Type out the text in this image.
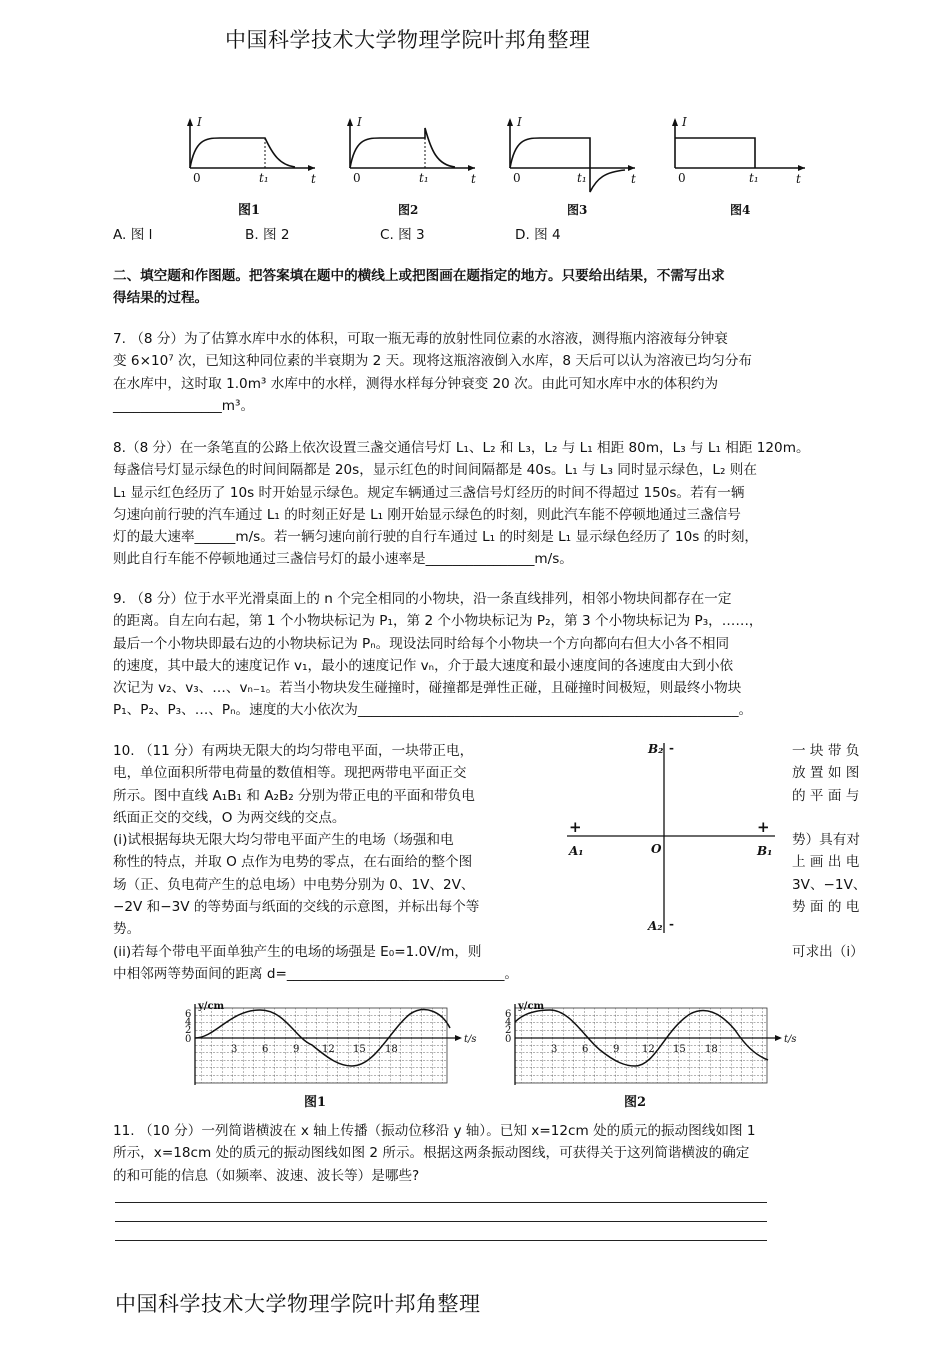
中国科学技术大学物理学院叶邦角整理
I
t
0	t₁
图1
I
t
0	t₁
图2
I
t
0	t₁
图3
I
t
0	t₁
图4
A. 图 l	B. 图 2	C. 图 3	D. 图 4
二、填空题和作图题。把答案填在题中的横线上或把图画在题指定的地方。只要给出结果，不需写出求
得结果的过程。
7. （8 分）为了估算水库中水的体积，可取一瓶无毒的放射性同位素的水溶液，测得瓶内溶液每分钟衰
变 6×10⁷ 次，已知这种同位素的半衰期为 2 天。现将这瓶溶液倒入水库，8 天后可以认为溶液已均匀分布
在水库中，这时取 1.0m³ 水库中的水样，测得水样每分钟衰变 20 次。由此可知水库中水的体积约为
________________m³。
8.（8 分）在一条笔直的公路上依次设置三盏交通信号灯 L₁、L₂ 和 L₃，L₂ 与 L₁ 相距 80m，L₃ 与 L₁ 相距 120m。
每盏信号灯显示绿色的时间间隔都是 20s，显示红色的时间间隔都是 40s。L₁ 与 L₃ 同时显示绿色，L₂ 则在
L₁ 显示红色经历了 10s 时开始显示绿色。规定车辆通过三盏信号灯经历的时间不得超过 150s。若有一辆
匀速向前行驶的汽车通过 L₁ 的时刻正好是 L₁ 刚开始显示绿色的时刻，则此汽车能不停顿地通过三盏信号
灯的最大速率______m/s。若一辆匀速向前行驶的自行车通过 L₁ 的时刻是 L₁ 显示绿色经历了 10s 的时刻，
则此自行车能不停顿地通过三盏信号灯的最小速率是________________m/s。
9. （8 分）位于水平光滑桌面上的 n 个完全相同的小物块，沿一条直线排列，相邻小物块间都存在一定
的距离。自左向右起，第 1 个小物块标记为 P₁，第 2 个小物块标记为 P₂，第 3 个小物块标记为 P₃，……，
最后一个小物块即最右边的小物块标记为 Pₙ。现设法同时给每个小物块一个方向都向右但大小各不相同
的速度，其中最大的速度记作 v₁，最小的速度记作 vₙ，介于最大速度和最小速度间的各速度由大到小依
次记为 v₂、v₃、…、vₙ₋₁。若当小物块发生碰撞时，碰撞都是弹性正碰，且碰撞时间极短，则最终小物块
P₁、P₂、P₃、…、Pₙ。速度的大小依次为________________________________________________________。
10. （11 分）有两块无限大的均匀带电平面，一块带正电，
电，单位面积所带电荷量的数值相等。现把两带电平面正交
所示。图中直线 A₁B₁ 和 A₂B₂ 分别为带正电的平面和带负电
纸面正交的交线，O 为两交线的交点。
(i)试根据每块无限大均匀带电平面产生的电场（场强和电
称性的特点，并取 O 点作为电势的零点，在右面给的整个图
场（正、负电荷产生的总电场）中电势分别为 0、1V、2V、
−2V 和−3V 的等势面与纸面的交线的示意图，并标出每个等
势。
(ii)若每个带电平面单独产生的电场的场强是 E₀=1.0V/m，则
中相邻两等势面间的距离 d=________________________________。
一 块 带 负
放 置 如 图
的 平 面 与
势）具有对
上 画 出 电
3V、−1V、
势 面 的 电
可求出（i）
B₂ -
A₂ -
+	+
A₁	B₁
O
y/cm
6
4
2
0	t/s
3 6 9 12 15 18
图1
y/cm
6
4
2
0	t/s
3 6 9 12 15 18
图2
11. （10 分）一列简谐横波在 x 轴上传播（振动位移沿 y 轴）。已知 x=12cm 处的质元的振动图线如图 1
所示，x=18cm 处的质元的振动图线如图 2 所示。根据这两条振动图线，可获得关于这列简谐横波的确定
的和可能的信息（如频率、波速、波长等）是哪些?
中国科学技术大学物理学院叶邦角整理
